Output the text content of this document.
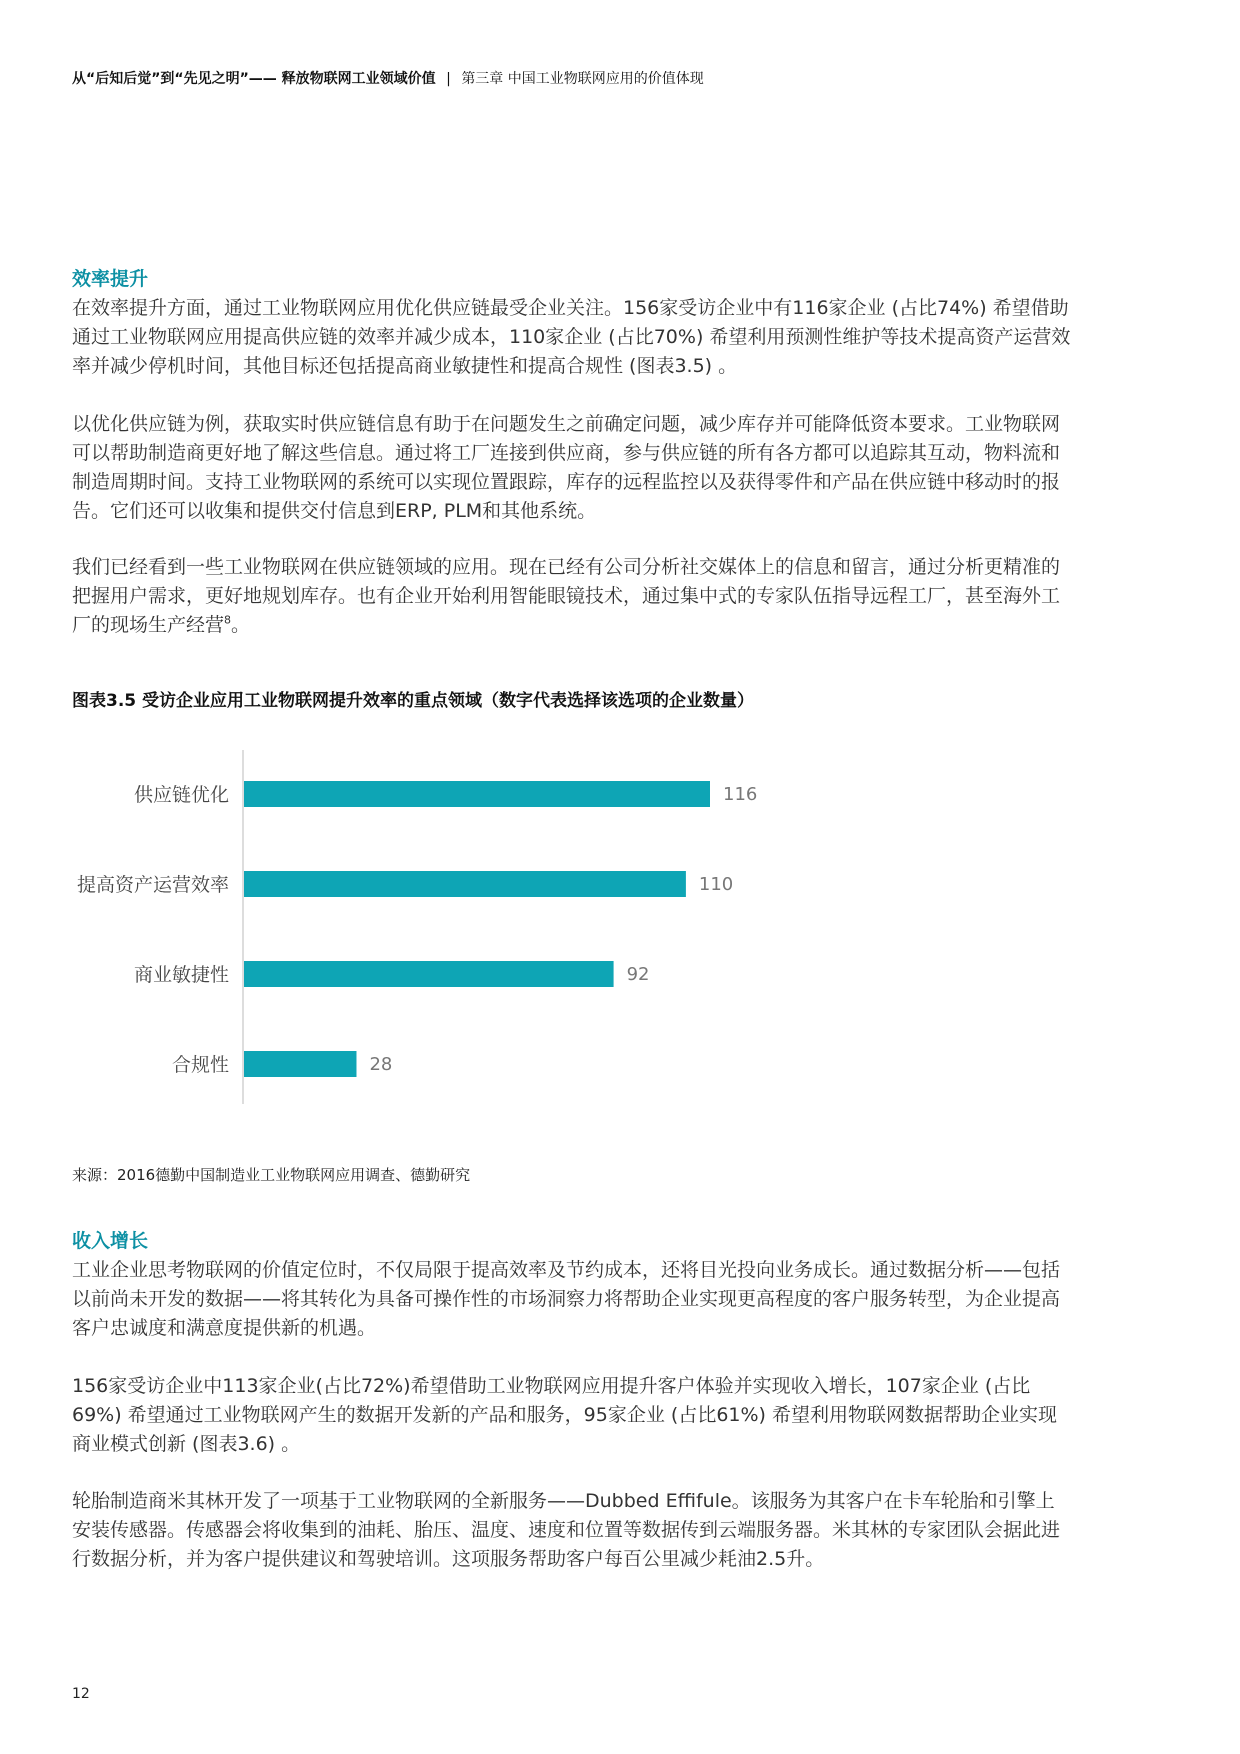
从“后知后觉”到“先见之明”—— 释放物联网工业领域价值 | 第三章 中国工业物联网应用的价值体现
效率提升

在效率提升方面，通过工业物联网应用优化供应链最受企业关注。156家受访企业中有116家企业 (占比74%) 希望借助通过工业物联网应用提高供应链的效率并减少成本，110家企业 (占比70%) 希望利用预测性维护等技术提高资产运营效率并减少停机时间，其他目标还包括提高商业敏捷性和提高合规性 (图表3.5) 。

以优化供应链为例，获取实时供应链信息有助于在问题发生之前确定问题，减少库存并可能降低资本要求。工业物联网可以帮助制造商更好地了解这些信息。通过将工厂连接到供应商，参与供应链的所有各方都可以追踪其互动，物料流和制造周期时间。支持工业物联网的系统可以实现位置跟踪，库存的远程监控以及获得零件和产品在供应链中移动时的报告。它们还可以收集和提供交付信息到ERP, PLM和其他系统。

我们已经看到一些工业物联网在供应链领域的应用。现在已经有公司分析社交媒体上的信息和留言，通过分析更精准的把握用户需求，更好地规划库存。也有企业开始利用智能眼镜技术，通过集中式的专家队伍指导远程工厂，甚至海外工厂的现场生产经营$^8$。

图表3.5 受访企业应用工业物联网提升效率的重点领域（数字代表选择该选项的企业数量）
供应链优化	116
提高资产运营效率	110
商业敏捷性	92
合规性	28
来源：2016德勤中国制造业工业物联网应用调查、德勤研究
收入增长

工业企业思考物联网的价值定位时，不仅局限于提高效率及节约成本，还将目光投向业务成长。通过数据分析——包括以前尚未开发的数据——将其转化为具备可操作性的市场洞察力将帮助企业实现更高程度的客户服务转型，为企业提高客户忠诚度和满意度提供新的机遇。

156家受访企业中113家企业(占比72%)希望借助工业物联网应用提升客户体验并实现收入增长，107家企业 (占比69%) 希望通过工业物联网产生的数据开发新的产品和服务，95家企业 (占比61%) 希望利用物联网数据帮助企业实现商业模式创新 (图表3.6) 。

轮胎制造商米其林开发了一项基于工业物联网的全新服务——Dubbed Effifule。该服务为其客户在卡车轮胎和引擎上安装传感器。传感器会将收集到的油耗、胎压、温度、速度和位置等数据传到云端服务器。米其林的专家团队会据此进行数据分析，并为客户提供建议和驾驶培训。这项服务帮助客户每百公里减少耗油2.5升。

12
